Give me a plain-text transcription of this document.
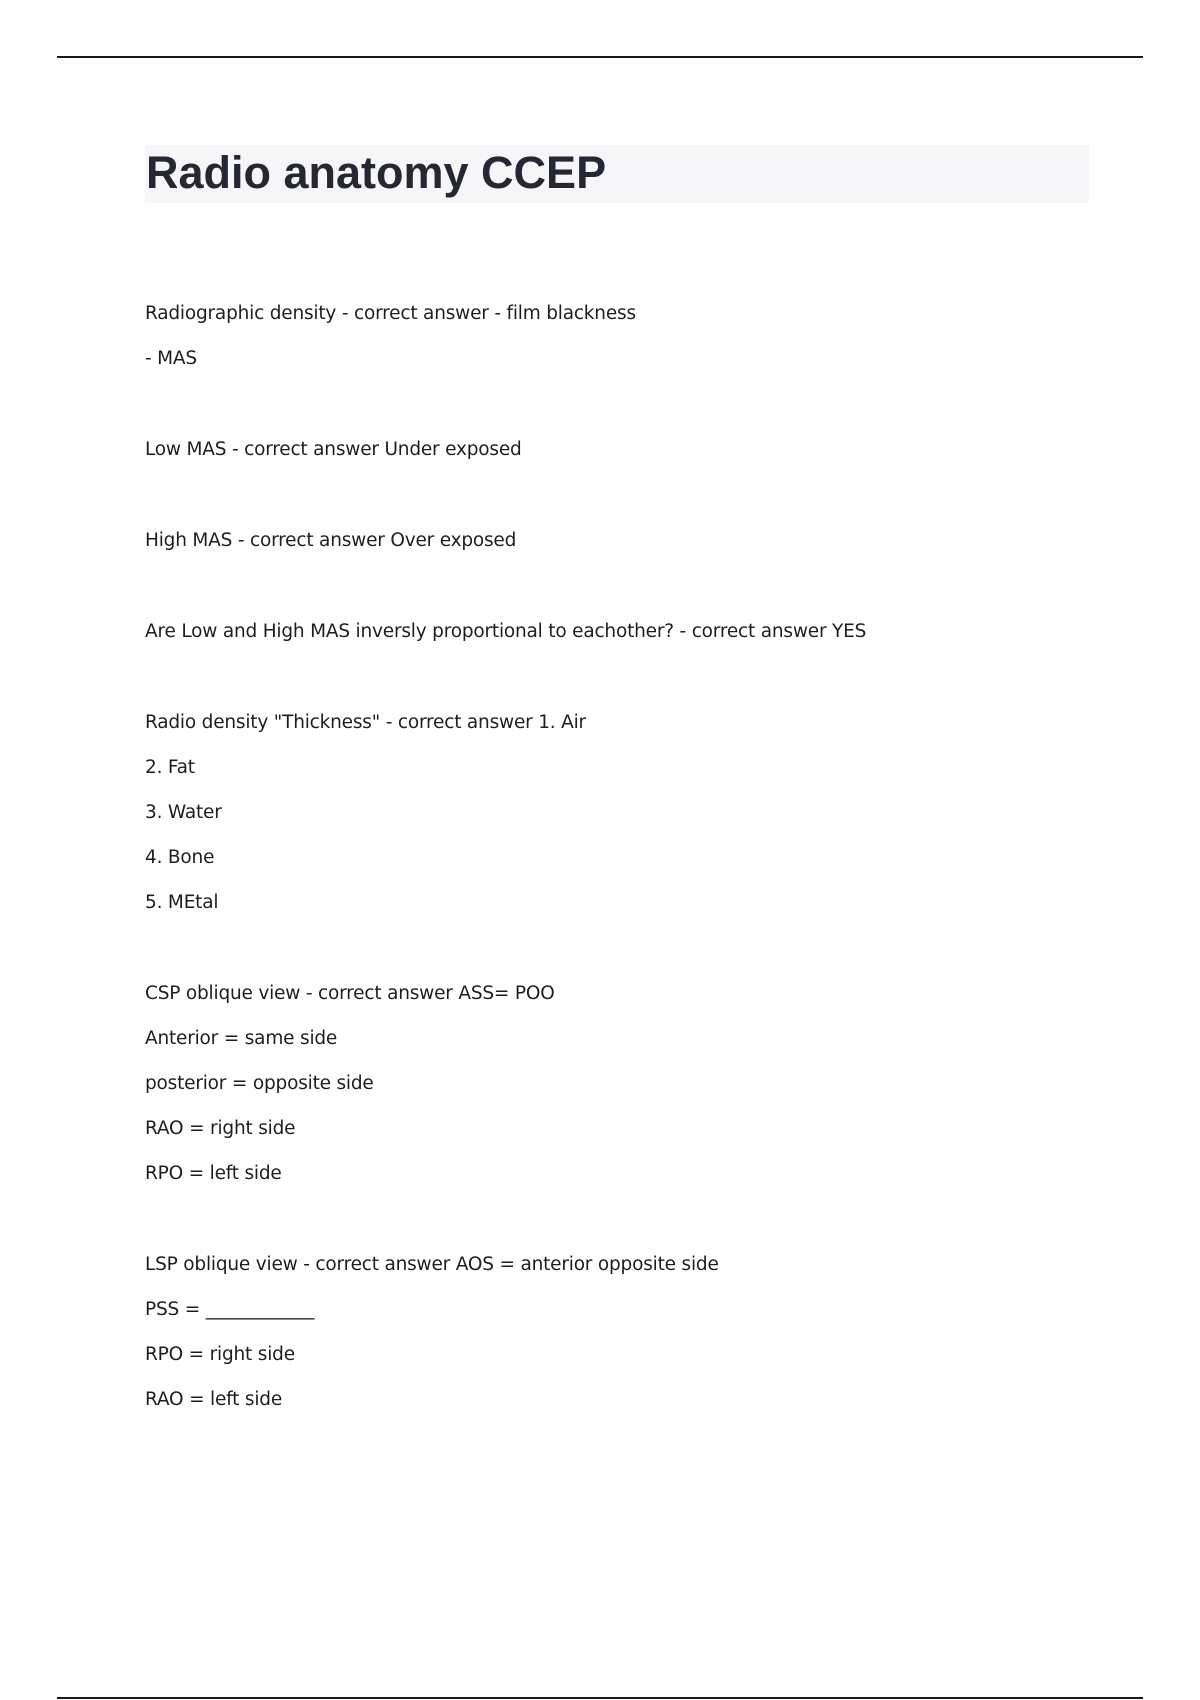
Radio anatomy CCEP
Radiographic density - correct answer - film blackness
- MAS
Low MAS - correct answer Under exposed
High MAS - correct answer Over exposed
Are Low and High MAS inversly proportional to eachother? - correct answer YES
Radio density "Thickness" - correct answer 1. Air
2. Fat
3. Water
4. Bone
5. MEtal
CSP oblique view - correct answer ASS= POO
Anterior = same side
posterior = opposite side
RAO = right side
RPO = left side
LSP oblique view - correct answer AOS = anterior opposite side
PSS = ____________
RPO = right side
RAO = left side
